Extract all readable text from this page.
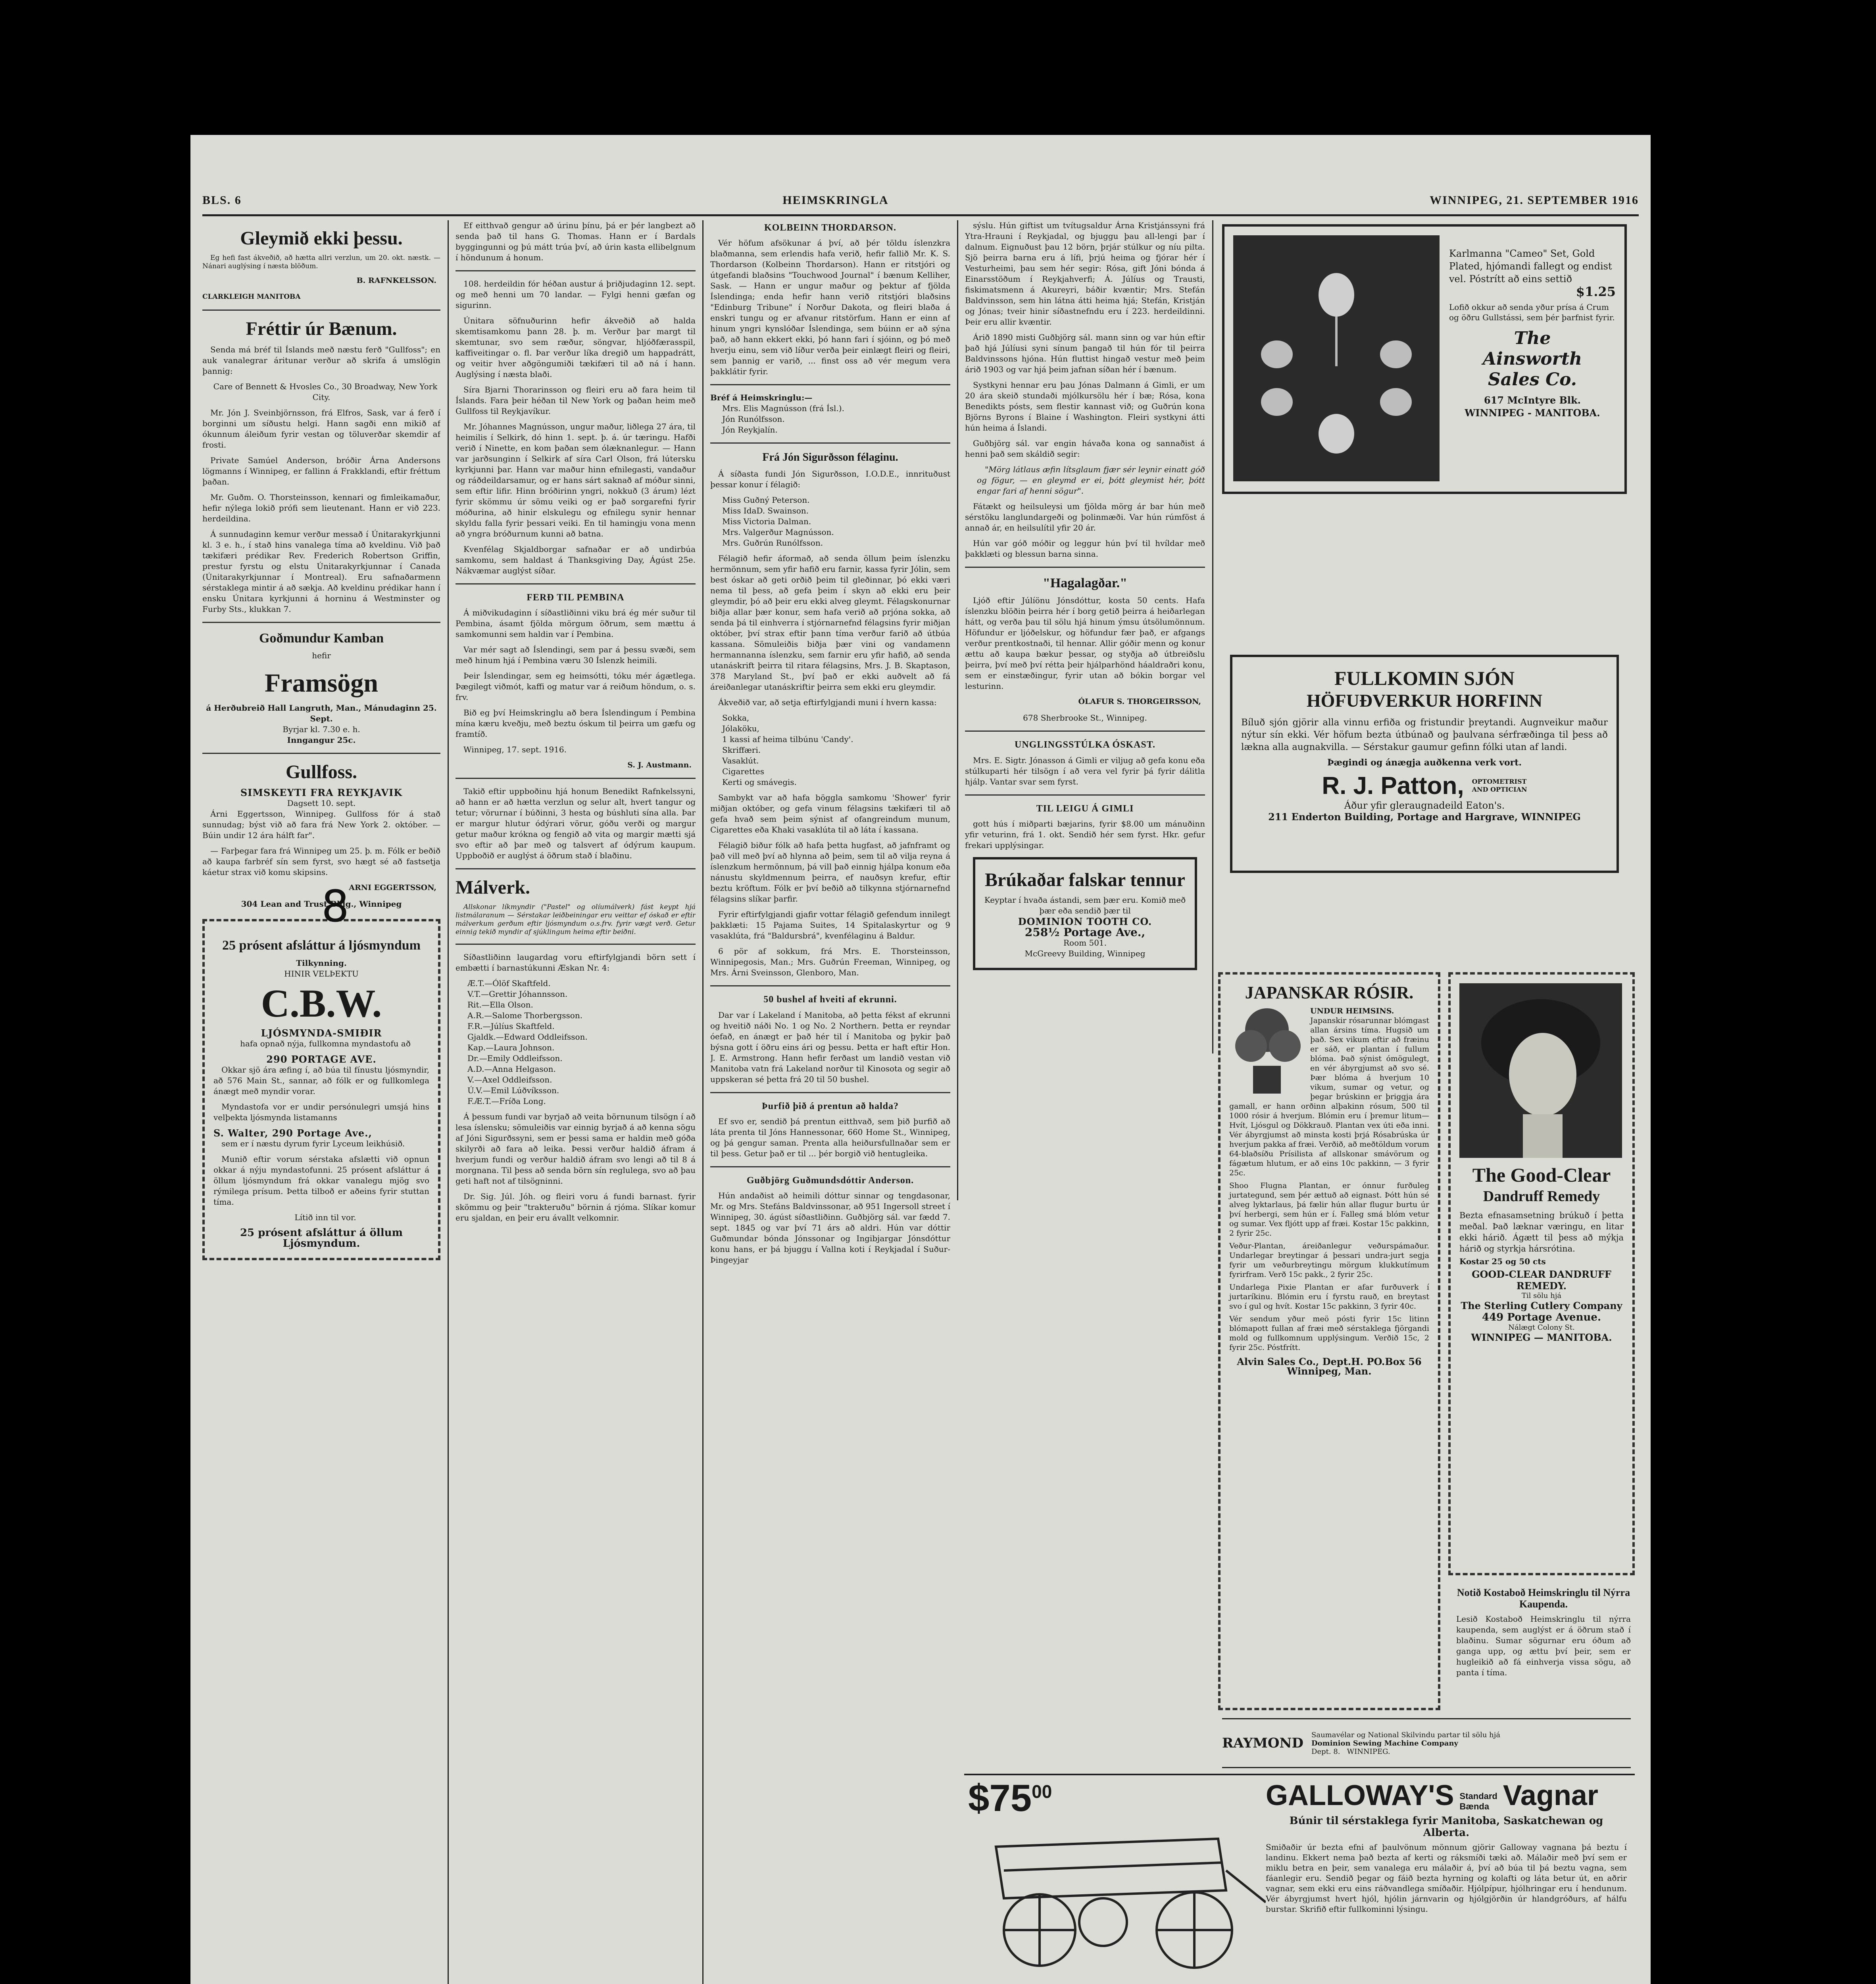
BLS. 6	HEIMSKRINGLA	WINNIPEG, 21. SEPTEMBER 1916
Gleymið ekki þessu.

Eg hefi fast ákveðið, að hætta allri verzlun, um 20. okt. næstk. — Nánari auglýsing í næsta blöðum.

B. RAFNKELSSON.
CLARKLEIGH MANITOBA
Fréttir úr Bænum.

Senda má bréf til Íslands með næstu ferð "Gullfoss"; en auk vanalegrar áritunar verður að skrifa á umslögin þannig:

Care of Bennett & Hvosles Co., 30 Broadway, New York City.

Mr. Jón J. Sveinbjörnsson, frá Elfros, Sask, var á ferð í borginni um síðustu helgi. Hann sagði enn mikið af ókunnum áleiðum fyrir vestan og töluverðar skemdir af frosti.

Private Samúel Anderson, bróðir Árna Andersons lögmanns í Winnipeg, er fallinn á Frakklandi, eftir fréttum þaðan.

Mr. Guðm. O. Thorsteinsson, kennari og fimleikamaður, hefir nýlega lokið prófi sem lieutenant. Hann er við 223. herdeildina.

Á sunnudaginn kemur verður messað í Únitarakyrkjunni kl. 3 e. h., í stað hins vanalega tíma að kveldinu. Við það tækifæri prédikar Rev. Frederich Robertson Griffin, prestur fyrstu og elstu Únitarakyrkjunnar í Canada (Únitarakyrkjunnar í Montreal). Eru safnaðarmenn sérstaklega mintir á að sækja. Að kveldinu prédikar hann í ensku Únitara kyrkjunni á horninu á Westminster og Furby Sts., klukkan 7.

Goðmundur Kamban
hefir
Framsögn
á Herðubreið Hall Langruth, Man., Mánudaginn 25. Sept.
Byrjar kl. 7.30 e. h.
Inngangur 25c.
Gullfoss.
SIMSKEYTI FRA REYKJAVIK
Dagsett 10. sept.

Árni Eggertsson, Winnipeg. Gullfoss fór á stað sunnudag; býst við að fara frá New York 2. október. — Búin undir 12 ára hálft far".

— Farþegar fara frá Winnipeg um 25. þ. m. Fólk er beðið að kaupa farbréf sín sem fyrst, svo hægt sé að fastsetja káetur strax við komu skipsins.

ARNI EGGERTSSON,
304 Lean and Trust Bldg., Winnipeg
25 prósent afsláttur á ljósmyndum
Tilkynning.
HINIR VELÞEKTU
C.B.W.
LJÓSMYNDA-SMIÐIR

hafa opnað nýja, fullkomna myndastofu að

290 PORTAGE AVE.

Okkar sjö ára æfing í, að búa til fínustu ljósmyndir, að 576 Main St., sannar, að fólk er og fullkomlega ánægt með myndir vorar.

Myndastofa vor er undir persónulegri umsjá hins velþekta ljósmynda listamanns

S. Walter, 290 Portage Ave.,

sem er í næstu dyrum fyrir Lyceum leikhúsið.

Munið eftir vorum sérstaka afslætti við opnun okkar á nýju myndastofunni. 25 prósent afsláttur á öllum ljósmyndum frá okkar vanalegu mjög svo rýmilega prísum. Þetta tilboð er aðeins fyrir stuttan tíma.

Lítið inn til vor.

25 prósent afsláttur á öllum Ljósmyndum.

Ef eitthvað gengur að úrinu þínu, þá er þér langbezt að senda það til hans G. Thomas. Hann er í Bardals byggingunni og þú mátt trúa því, að úrin kasta ellibelgnum í höndunum á honum.

108. herdeildin fór héðan austur á þriðjudaginn 12. sept. og með henni um 70 landar. — Fylgi henni gæfan og sigurinn.

Únitara söfnuðurinn hefir ákveðið að halda skemtisamkomu þann 28. þ. m. Verður þar margt til skemtunar, svo sem ræður, söngvar, hljóðfærasspil, kaffiveitingar o. fl. Þar verður líka dregið um happadrátt, og veitir hver aðgöngumiði tækifæri til að ná í hann. Auglýsing í næsta blaði.

Síra Bjarni Thorarinsson og fleiri eru að fara heim til Íslands. Fara þeir héðan til New York og þaðan heim með Gullfoss til Reykjavíkur.

Mr. Jóhannes Magnússon, ungur maður, liðlega 27 ára, til heimilis í Selkirk, dó hinn 1. sept. þ. á. úr tæringu. Hafði verið í Ninette, en kom þaðan sem ólæknanlegur. — Hann var jarðsunginn í Selkirk af síra Carl Olson, frá lútersku kyrkjunni þar. Hann var maður hinn efnilegasti, vandaður og ráðdeildarsamur, og er hans sárt saknað af móður sinni, sem eftir lifir. Hinn bróðirinn yngri, nokkuð (3 árum) lézt fyrir skömmu úr sömu veiki og er það sorgarefni fyrir móðurina, að hinir elskulegu og efnilegu synir hennar skyldu falla fyrir þessari veiki. En til hamingju vona menn að yngra bróðurnum kunni að batna.

Kvenfélag Skjaldborgar safnaðar er að undirbúa samkomu, sem haldast á Thanksgiving Day, Ágúst 25e. Nákvæmar auglýst síðar.

FERÐ TIL PEMBINA

Á miðvikudaginn í síðastliðinni viku brá ég mér suður til Pembina, ásamt fjölda mörgum öðrum, sem mættu á samkomunni sem haldin var í Pembina.

Var mér sagt að Íslendingi, sem par á þessu svæði, sem með hinum hjá í Pembina væru 30 Íslenzk heimili.

Þeir Íslendingar, sem eg heimsótti, tóku mér ágætlega. Þægilegt viðmót, kaffi og matur var á reiðum höndum, o. s. frv.

Bið eg því Heimskringlu að bera Íslendingum í Pembina mína kæru kveðju, með beztu óskum til þeirra um gæfu og framtíð.

Winnipeg, 17. sept. 1916.

S. J. Austmann.

Takið eftir uppboðinu hjá honum Benedikt Rafnkelssyni, að hann er að hætta verzlun og selur alt, hvert tangur og tetur; vörurnar í búðinni, 3 hesta og búshluti sína alla. Þar er margur hlutur ódýrari vörur, góðu verði og margur getur maður krókna og fengið að vita og margir mætti sjá svo eftir að þar með og talsvert af ódýrum kaupum. Uppboðið er auglýst á öðrum stað í blaðinu.

Málverk.

Allskonar líkmyndir ("Pastel" og olíumálverk) fást keypt hjá listmálaranum — Sérstakar leiðbeiningar eru veittar ef óskað er eftir málverkum gerðum eftir ljósmyndum o.s.frv. fyrir vægt verð. Getur einnig tekið myndir af sjúklingum heima eftir beiðni.

Síðastliðinn laugardag voru eftirfylgjandi börn sett í embætti í barnastúkunni Æskan Nr. 4:

Æ.T.—Ólöf Skaftfeld.
V.T.—Grettir Jóhannsson.
Rit.—Ella Olson.
A.R.—Salome Thorbergsson.
F.R.—Júlíus Skaftfeld.
Gjaldk.—Edward Oddleifsson.
Kap.—Laura Johnson.
Dr.—Emily Oddleifsson.
A.D.—Anna Helgason.
V.—Axel Oddleifsson.
Ú.V.—Emil Lúðvíksson.
F.Æ.T.—Fríða Long.

Á þessum fundi var byrjað að veita börnunum tilsögn í að lesa íslensku; sömuleiðis var einnig byrjað á að kenna sögu af Jóni Sigurðssyni, sem er þessi sama er haldin með góða skilyrði að fara að leika. Þessi verður haldið áfram á hverjum fundi og verður haldið áfram svo lengi að til 8 á morgnana. Til þess að senda börn sín reglulega, svo að þau geti haft not af tilsögninni.

Dr. Sig. Júl. Jóh. og fleiri voru á fundi barnast. fyrir skömmu og þeir "trakteruðu" börnin á rjóma. Slíkar komur eru sjaldan, en þeir eru ávallt velkomnir.

KOLBEINN THORDARSON.

Vér höfum afsökunar á því, að þér töldu íslenzkra blaðmanna, sem erlendis hafa verið, hefir fallið Mr. K. S. Thordarson (Kolbeinn Thordarson). Hann er ritstjóri og útgefandi blaðsins "Touchwood Journal" í bænum Kelliher, Sask. — Hann er ungur maður og þektur af fjölda Íslendinga; enda hefir hann verið ritstjóri blaðsins "Edinburg Tribune" í Norður Dakota, og fleiri blaða á enskri tungu og er afvanur ritstörfum. Hann er einn af hinum yngri kynslóðar Íslendinga, sem búinn er að sýna það, að hann ekkert ekki, þó hann fari í sjóinn, og þó með hverju einu, sem við líður verða þeir einlægt fleiri og fleiri, sem þannig er varið, ... finst oss að vér megum vera þakklátir fyrir.

Bréf á Heimskringlu:—
Mrs. Elis Magnússon (frá Ísl.).
Jón Runólfsson.
Jón Reykjalín.
Frá Jón Sigurðsson félaginu.

Á síðasta fundi Jón Sigurðsson, I.O.D.E., innrituðust þessar konur í félagið:

Miss Guðný Peterson.
Miss IdaD. Swainson.
Miss Victoria Dalman.
Mrs. Valgerður Magnússon.
Mrs. Guðrún Runólfsson.

Félagið hefir áformað, að senda öllum þeim íslenzku hermönnum, sem yfir hafið eru farnir, kassa fyrir Jólin, sem best óskar að geti orðið þeim til gleðinnar, þó ekki væri nema til þess, að gefa þeim í skyn að ekki eru þeir gleymdir, þó að þeir eru ekki alveg gleymt. Félagskonurnar biðja allar þær konur, sem hafa verið að prjóna sokka, að senda þá til einhverra í stjórnarnefnd félagsins fyrir miðjan október, því strax eftir þann tíma verður farið að útbúa kassana. Sömuleiðis biðja þær vini og vandamenn hermannanna íslenzku, sem farnir eru yfir hafið, að senda utanáskrift þeirra til ritara félagsins, Mrs. J. B. Skaptason, 378 Maryland St., því það er ekki auðvelt að fá áreiðanlegar utanáskriftir þeirra sem ekki eru gleymdir.

Ákveðið var, að setja eftirfylgjandi muni í hvern kassa:

Sokka,
Jólaköku,
1 kassi af heima tilbúnu 'Candy'.
Skriffæri.
Vasaklút.
Cigarettes
Kerti og smávegis.

Sambykt var að hafa böggla samkomu 'Shower' fyrir miðjan október, og gefa vinum félagsins tækifæri til að gefa hvað sem þeim sýnist af ofangreindum munum, Cigarettes eða Khaki vasaklúta til að láta í kassana.

Félagið biður fólk að hafa þetta hugfast, að jafnframt og það vill með því að hlynna að þeim, sem til að vilja reyna á íslenzkum hermönnum, þá vill það einnig hjálpa konum eða nánustu skyldmennum þeirra, ef nauðsyn krefur, eftir beztu kröftum. Fólk er því beðið að tilkynna stjórnarnefnd félagsins slíkar þarfir.

Fyrir eftirfylgjandi gjafir vottar félagið gefendum innilegt þakklæti: 15 Pajama Suites, 14 Spitalaskyrtur og 9 vasaklúta, frá "Baldursbrá", kvenfélaginu á Baldur.

6 pör af sokkum, frá Mrs. E. Thorsteinsson, Winnipegosis, Man.; Mrs. Guðrún Freeman, Winnipeg, og Mrs. Árni Sveinsson, Glenboro, Man.

50 bushel af hveiti af ekrunni.

Dar var í Lakeland í Manitoba, að þetta fékst af ekrunni og hveitið náði No. 1 og No. 2 Northern. Þetta er reyndar óefað, en ánægt er það hér til í Manitoba og þykir það býsna gott í öðru eins ári og þessu. Þetta er haft eftir Hon. J. E. Armstrong. Hann hefir ferðast um landið vestan við Manitoba vatn frá Lakeland norður til Kinosota og segir að uppskeran sé þetta frá 20 til 50 bushel.

Þurfið þið á prentun að halda?

Ef svo er, sendið þá prentun eitthvað, sem þið þurfið að láta prenta til Jóns Hannessonar, 660 Home St., Winnipeg, og þá gengur saman. Prenta alla heiðursfullnaðar sem er til þess. Getur það er til ... þér borgið við hentugleika.

Guðbjörg Guðmundsdóttir Anderson.

Hún andaðist að heimili dóttur sinnar og tengdasonar, Mr. og Mrs. Stefáns Baldvinssonar, að 951 Ingersoll street í Winnipeg, 30. ágúst síðastliðinn. Guðbjörg sál. var fædd 7. sept. 1845 og var því 71 árs að aldri. Hún var dóttir Guðmundar bónda Jónssonar og Ingibjargar Jónsdóttur konu hans, er þá bjuggu í Vallna koti í Reykjadal í Suður-Þingeyjar

sýslu. Hún giftist um tvítugsaldur Árna Kristjánssyni frá Ytra-Hrauni í Reykjadal, og bjuggu þau all-lengi þar í dalnum. Eignuðust þau 12 börn, þrjár stúlkur og níu pilta. Sjö þeirra barna eru á lífi, þrjú heima og fjórar hér í Vesturheimi, þau sem hér segir: Rósa, gift Jóni bónda á Einarsstöðum í Reykjahverfi; Á. Júlíus og Trausti, fiskimatsmenn á Akureyri, báðir kvæntir; Mrs. Stefán Baldvinsson, sem hin látna átti heima hjá; Stefán, Kristján og Jónas; tveir hinir síðastnefndu eru í 223. herdeildinni. Þeir eru allir kvæntir.

Árið 1890 misti Guðbjörg sál. mann sinn og var hún eftir það hjá Júlíusi syni sínum þangað til hún fór til þeirra Baldvinssons hjóna. Hún fluttist hingað vestur með þeim árið 1903 og var hjá þeim jafnan síðan hér í bænum.

Systkyni hennar eru þau Jónas Dalmann á Gimli, er um 20 ára skeið stundaði mjólkursölu hér í bæ; Rósa, kona Benedikts pósts, sem flestir kannast við; og Guðrún kona Björns Byrons í Blaine í Washington. Fleiri systkyni átti hún heima á Íslandi.

Guðbjörg sál. var engin hávaða kona og sannaðist á henni það sem skáldið segir:

"Mörg látlaus æfin lítsglaum fjær sér leynir einatt góð og fögur, — en gleymd er ei, þótt gleymist hér, þótt engar fari af henni sögur".

Fátækt og heilsuleysi um fjölda mörg ár bar hún með sérstöku langlundargeði og þolinmæði. Var hún rúmföst á annað ár, en heilsulítil yfir 20 ár.

Hún var góð móðir og leggur hún því til hvíldar með þakklæti og blessun barna sinna.

"Hagalagðar."

Ljóð eftir Júlíönu Jónsdóttur, kosta 50 cents. Hafa íslenzku blöðin þeirra hér í borg getið þeirra á heiðarlegan hátt, og verða þau til sölu hjá hinum ýmsu útsölumönnum. Höfundur er ljóðelskur, og höfundur fær það, er afgangs verður prentkostnaði, til hennar. Allir góðir menn og konur ættu að kaupa bækur þessar, og styðja að útbreiðslu þeirra, því með því rétta þeir hjálparhönd háaldraðri konu, sem er einstæðingur, fyrir utan að bókin borgar vel lesturinn.

ÓLAFUR S. THORGEIRSSON,
678 Sherbrooke St., Winnipeg.
UNGLINGSSTÚLKA ÓSKAST.

Mrs. E. Sigtr. Jónasson á Gimli er viljug að gefa konu eða stúlkuparti hér tilsögn í að vera vel fyrir þá fyrir dálitla hjálp. Vantar svar sem fyrst.

TIL LEIGU Á GIMLI

gott hús í miðparti bæjarins, fyrir $8.00 um mánuðinn yfir veturinn, frá 1. okt. Sendið hér sem fyrst. Hkr. gefur frekari upplýsingar.

Brúkaðar falskar tennur
Keyptar í hvaða ástandi, sem þær eru. Komið með þær eða sendið þær til
DOMINION TOOTH CO.
258½ Portage Ave.,
Room 501.
McGreevy Building, Winnipeg
Karlmanna "Cameo" Set, Gold Plated, hjómandi fallegt og endist vel. Póstrítt að eins settið
$1.25
Lofið okkur að senda yður prísa á Crum og öðru Gullstássi, sem þér þarfnist fyrir.
The
Ainsworth
Sales Co.
617 McIntyre Blk.
WINNIPEG - MANITOBA.
FULLKOMIN SJÓN
HÖFUÐVERKUR HORFINN
Bíluð sjón gjörir alla vinnu erfiða og fristundir þreytandi. Augnveikur maður nýtur sín ekki. Vér höfum bezta útbúnað og þaulvana sérfræðinga til þess að lækna alla augnakvilla. — Sérstakur gaumur gefinn fólki utan af landi.
Þægindi og ánægja auðkenna verk vort.
R. J. Patton, OPTOMETRIST
AND OPTICIAN
Áður yfir gleraugnadeild Eaton's.
211 Enderton Building, Portage and Hargrave, WINNIPEG
JAPANSKAR RÓSIR.
UNDUR HEIMSINS.
Japanskir rósarunnar blómgast allan ársins tíma. Hugsið um það. Sex vikum eftir að fræinu er sáð, er plantan í fullum blóma. Það sýnist ómögulegt, en vér ábyrgjumst að svo sé. Þær blóma á hverjum 10 vikum, sumar og vetur, og þegar brúskinn er þriggja ára gamall, er hann orðinn alþakinn rósum, 500 til 1000 rósir á hverjum. Blómin eru í þremur litum—Hvít, Ljósgul og Dökkrauð. Plantan vex úti eða inni. Vér ábyrgjumst að minsta kosti þrjá Rósabrúska úr hverjum pakka af fræi. Verðið, að meðtöldum vorum 64-blaðsíðu Prísilista af allskonar smávörum og fágætum hlutum, er að eins 10c pakkinn, — 3 fyrir 25c.
Shoo Flugna Plantan, er ónnur furðuleg jurtategund, sem þér ættuð að eignast. Þótt hún sé alveg lyktarlaus, þá fælir hún allar flugur burtu úr því herbergi, sem hún er í. Falleg smá blóm vetur og sumar. Vex fljótt upp af fræi. Kostar 15c pakkinn, 2 fyrir 25c.
Veður-Plantan, áreiðanlegur veðurspámaður. Undarlegar breytingar á þessari undra-jurt segja fyrir um veðurbreytingu mörgum klukkutímum fyrirfram. Verð 15c pakk., 2 fyrir 25c.
Undarlega Pixie Plantan er afar furðuverk í jurtaríkinu. Blómin eru í fyrstu rauð, en breytast svo í gul og hvít. Kostar 15c pakkinn, 3 fyrir 40c.
Vér sendum yður meö pósti fyrir 15c litinn blómapott fullan af fræi með sérstaklega fjörgandi mold og fullkomnum upplýsingum. Verðið 15c, 2 fyrir 25c. Póstfrítt.
Alvin Sales Co., Dept.H. PO.Box 56
Winnipeg, Man.
The Good-Clear
Dandruff Remedy
Bezta efnasamsetning brúkuð í þetta meðal. Það læknar væringu, en litar ekki hárið. Ágætt til þess að mýkja hárið og styrkja hársrótina.
Kostar 25 og 50 cts
GOOD-CLEAR DANDRUFF REMEDY.
Til sölu hjá
The Sterling Cutlery Company
449 Portage Avenue.
Nálægt Colony St.
WINNIPEG — MANITOBA.
Notið Kostaboð Heimskringlu til Nýrra Kaupenda.
Lesið Kostaboð Heimskringlu til nýrra kaupenda, sem auglýst er á öðrum stað í blaðinu. Sumar sögurnar eru óðum að ganga upp, og ættu því þeir, sem er hugleikið að fá einhverja vissa sögu, að panta í tíma.
RAYMOND
Saumavélar og National Skilvindu partar til sölu hjá
Dominion Sewing Machine Company
Dept. 8. WINNIPEG.
$\$75^{00}$	GALLOWAY'S Standard
Bænda Vagnar
Búnir til sérstaklega fyrir Manitoba, Saskatchewan og Alberta.
Smiðaðir úr bezta efni af þaulvönum mönnum gjörir Galloway vagnana þá beztu í landinu. Ekkert nema það bezta af kerti og ráksmíði tæki að. Málaðir með því sem er miklu betra en þeir, sem vanalega eru málaðir á, því að búa til þá beztu vagna, sem fáanlegir eru. Sendið þegar og fáið bezta hyrning og kolafti og láta betur út, en aðrir vagnar, sem ekki eru eins ráðvandlega smíðaðir. Hjólpípur, hjólhringar eru í hendunum. Vér ábyrgjumst hvert hjól, hjólin járnvarin og hjólgjörðin úr hlandgróðurs, af hálfu burstar. Skrifið eftir fullkominni lýsingu.

8
